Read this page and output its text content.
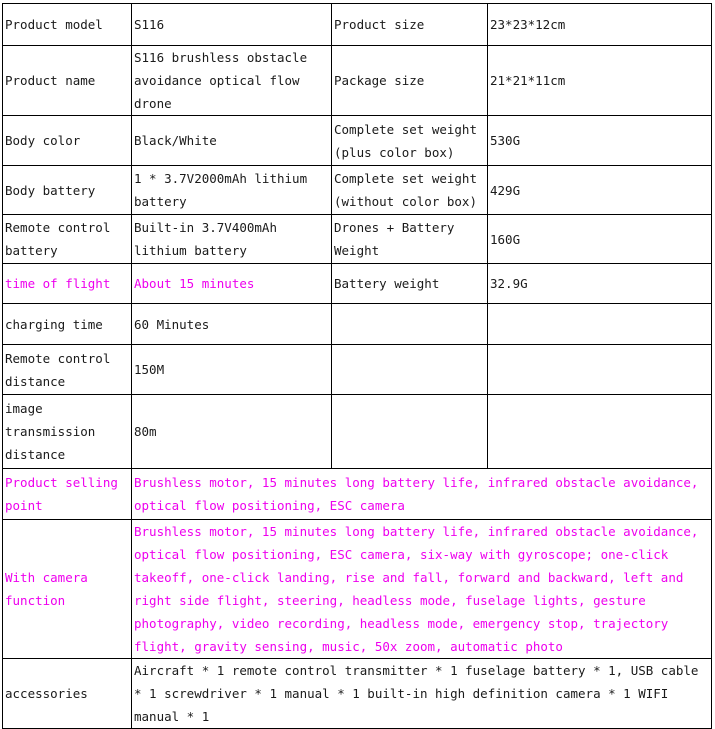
Product model	S116	Product size	23*23*12cm
Product name	S116 brushless obstacle avoidance optical flow drone	Package size	21*21*11cm
Body color	Black/White	Complete set weight (plus color box)	530G
Body battery	1 * 3.7V2000mAh lithium battery	Complete set weight (without color box)	429G
Remote control battery	Built-in 3.7V400mAh lithium battery	Drones + Battery Weight	160G
time of flight	About 15 minutes	Battery weight	32.9G
charging time	60 Minutes		
Remote control distance	150M		
image transmission distance	80m		
Product selling point	Brushless motor, 15 minutes long battery life, infrared obstacle avoidance, optical flow positioning, ESC camera		
With camera function	Brushless motor, 15 minutes long battery life, infrared obstacle avoidance, optical flow positioning, ESC camera, six-way with gyroscope; one-click takeoff, one-click landing, rise and fall, forward and backward, left and right side flight, steering, headless mode, fuselage lights, gesture photography, video recording, headless mode, emergency stop, trajectory flight, gravity sensing, music, 50x zoom, automatic photo		
accessories	Aircraft * 1 remote control transmitter * 1 fuselage battery * 1, USB cable * 1 screwdriver * 1 manual * 1 built-in high definition camera * 1 WIFI manual * 1		
